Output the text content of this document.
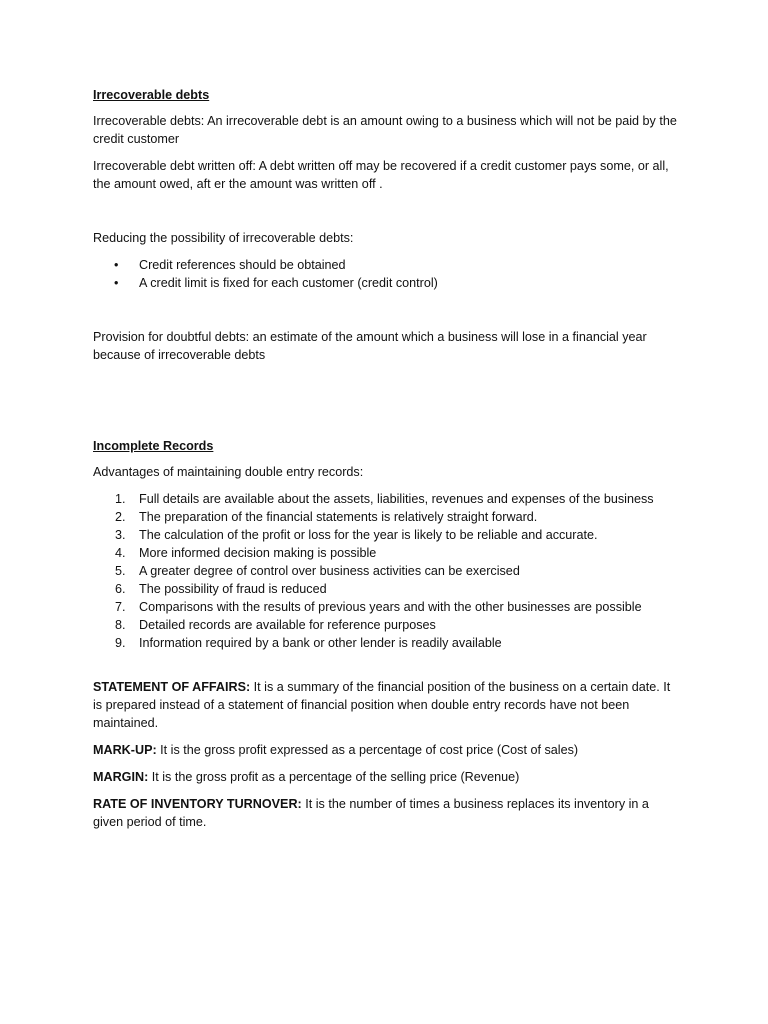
Irrecoverable debts

Irrecoverable debts: An irrecoverable debt is an amount owing to a business which will not be paid by the credit customer

Irrecoverable debt written off: A debt written off may be recovered if a credit customer pays some, or all, the amount owed, aft er the amount was written off .

Reducing the possibility of irrecoverable debts:

• Credit references should be obtained
• A credit limit is fixed for each customer (credit control)

Provision for doubtful debts: an estimate of the amount which a business will lose in a financial year because of irrecoverable debts

Incomplete Records

Advantages of maintaining double entry records:

1. Full details are available about the assets, liabilities, revenues and expenses of the business
2. The preparation of the financial statements is relatively straight forward.
3. The calculation of the profit or loss for the year is likely to be reliable and accurate.
4. More informed decision making is possible
5. A greater degree of control over business activities can be exercised
6. The possibility of fraud is reduced
7. Comparisons with the results of previous years and with the other businesses are possible
8. Detailed records are available for reference purposes
9. Information required by a bank or other lender is readily available

STATEMENT OF AFFAIRS: It is a summary of the financial position of the business on a certain date. It is prepared instead of a statement of financial position when double entry records have not been maintained.

MARK-UP: It is the gross profit expressed as a percentage of cost price (Cost of sales)

MARGIN: It is the gross profit as a percentage of the selling price (Revenue)

RATE OF INVENTORY TURNOVER: It is the number of times a business replaces its inventory in a given period of time.
